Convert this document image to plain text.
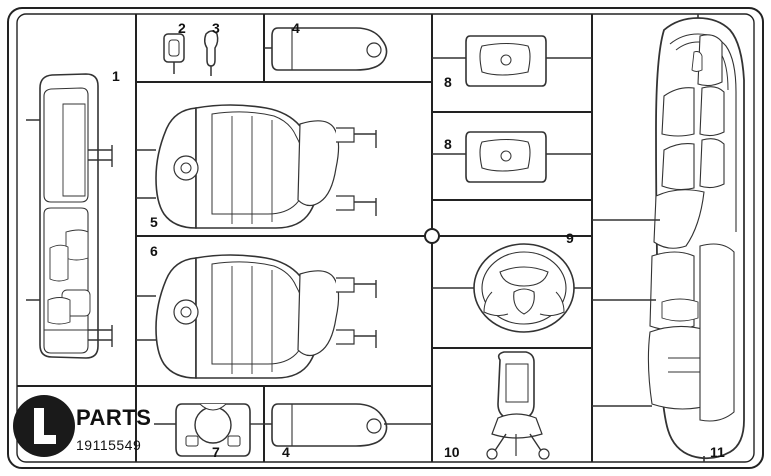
1
2 3	4
5
6
7	4
8
8
9
10	11
PARTS
19115549
